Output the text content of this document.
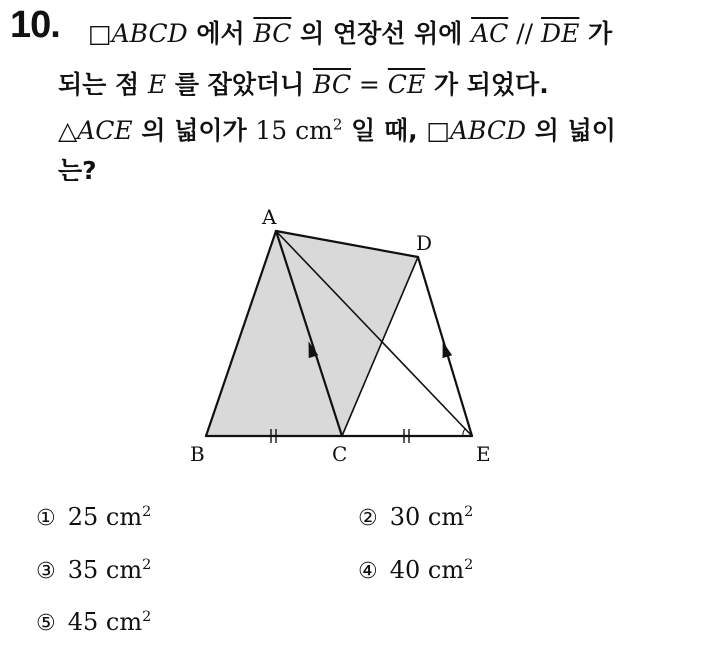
10. □ABCD 에서 $\overline{BC}$ 의 연장선 위에 $\overline{AC} // \overline{DE}$ 가
되는 점 E 를 잡았더니 $\overline{BC} = \overline{CE}$ 가 되었다.
△ACE 의 넓이가 15 $cm^2$ 일 때, □ABCD 의 넓이
는?
A
D
B	C	E
① 25 $cm^2$	② 30 $cm^2$
③ 35 $cm^2$	④ 40 $cm^2$
⑤ 45 $cm^2$
